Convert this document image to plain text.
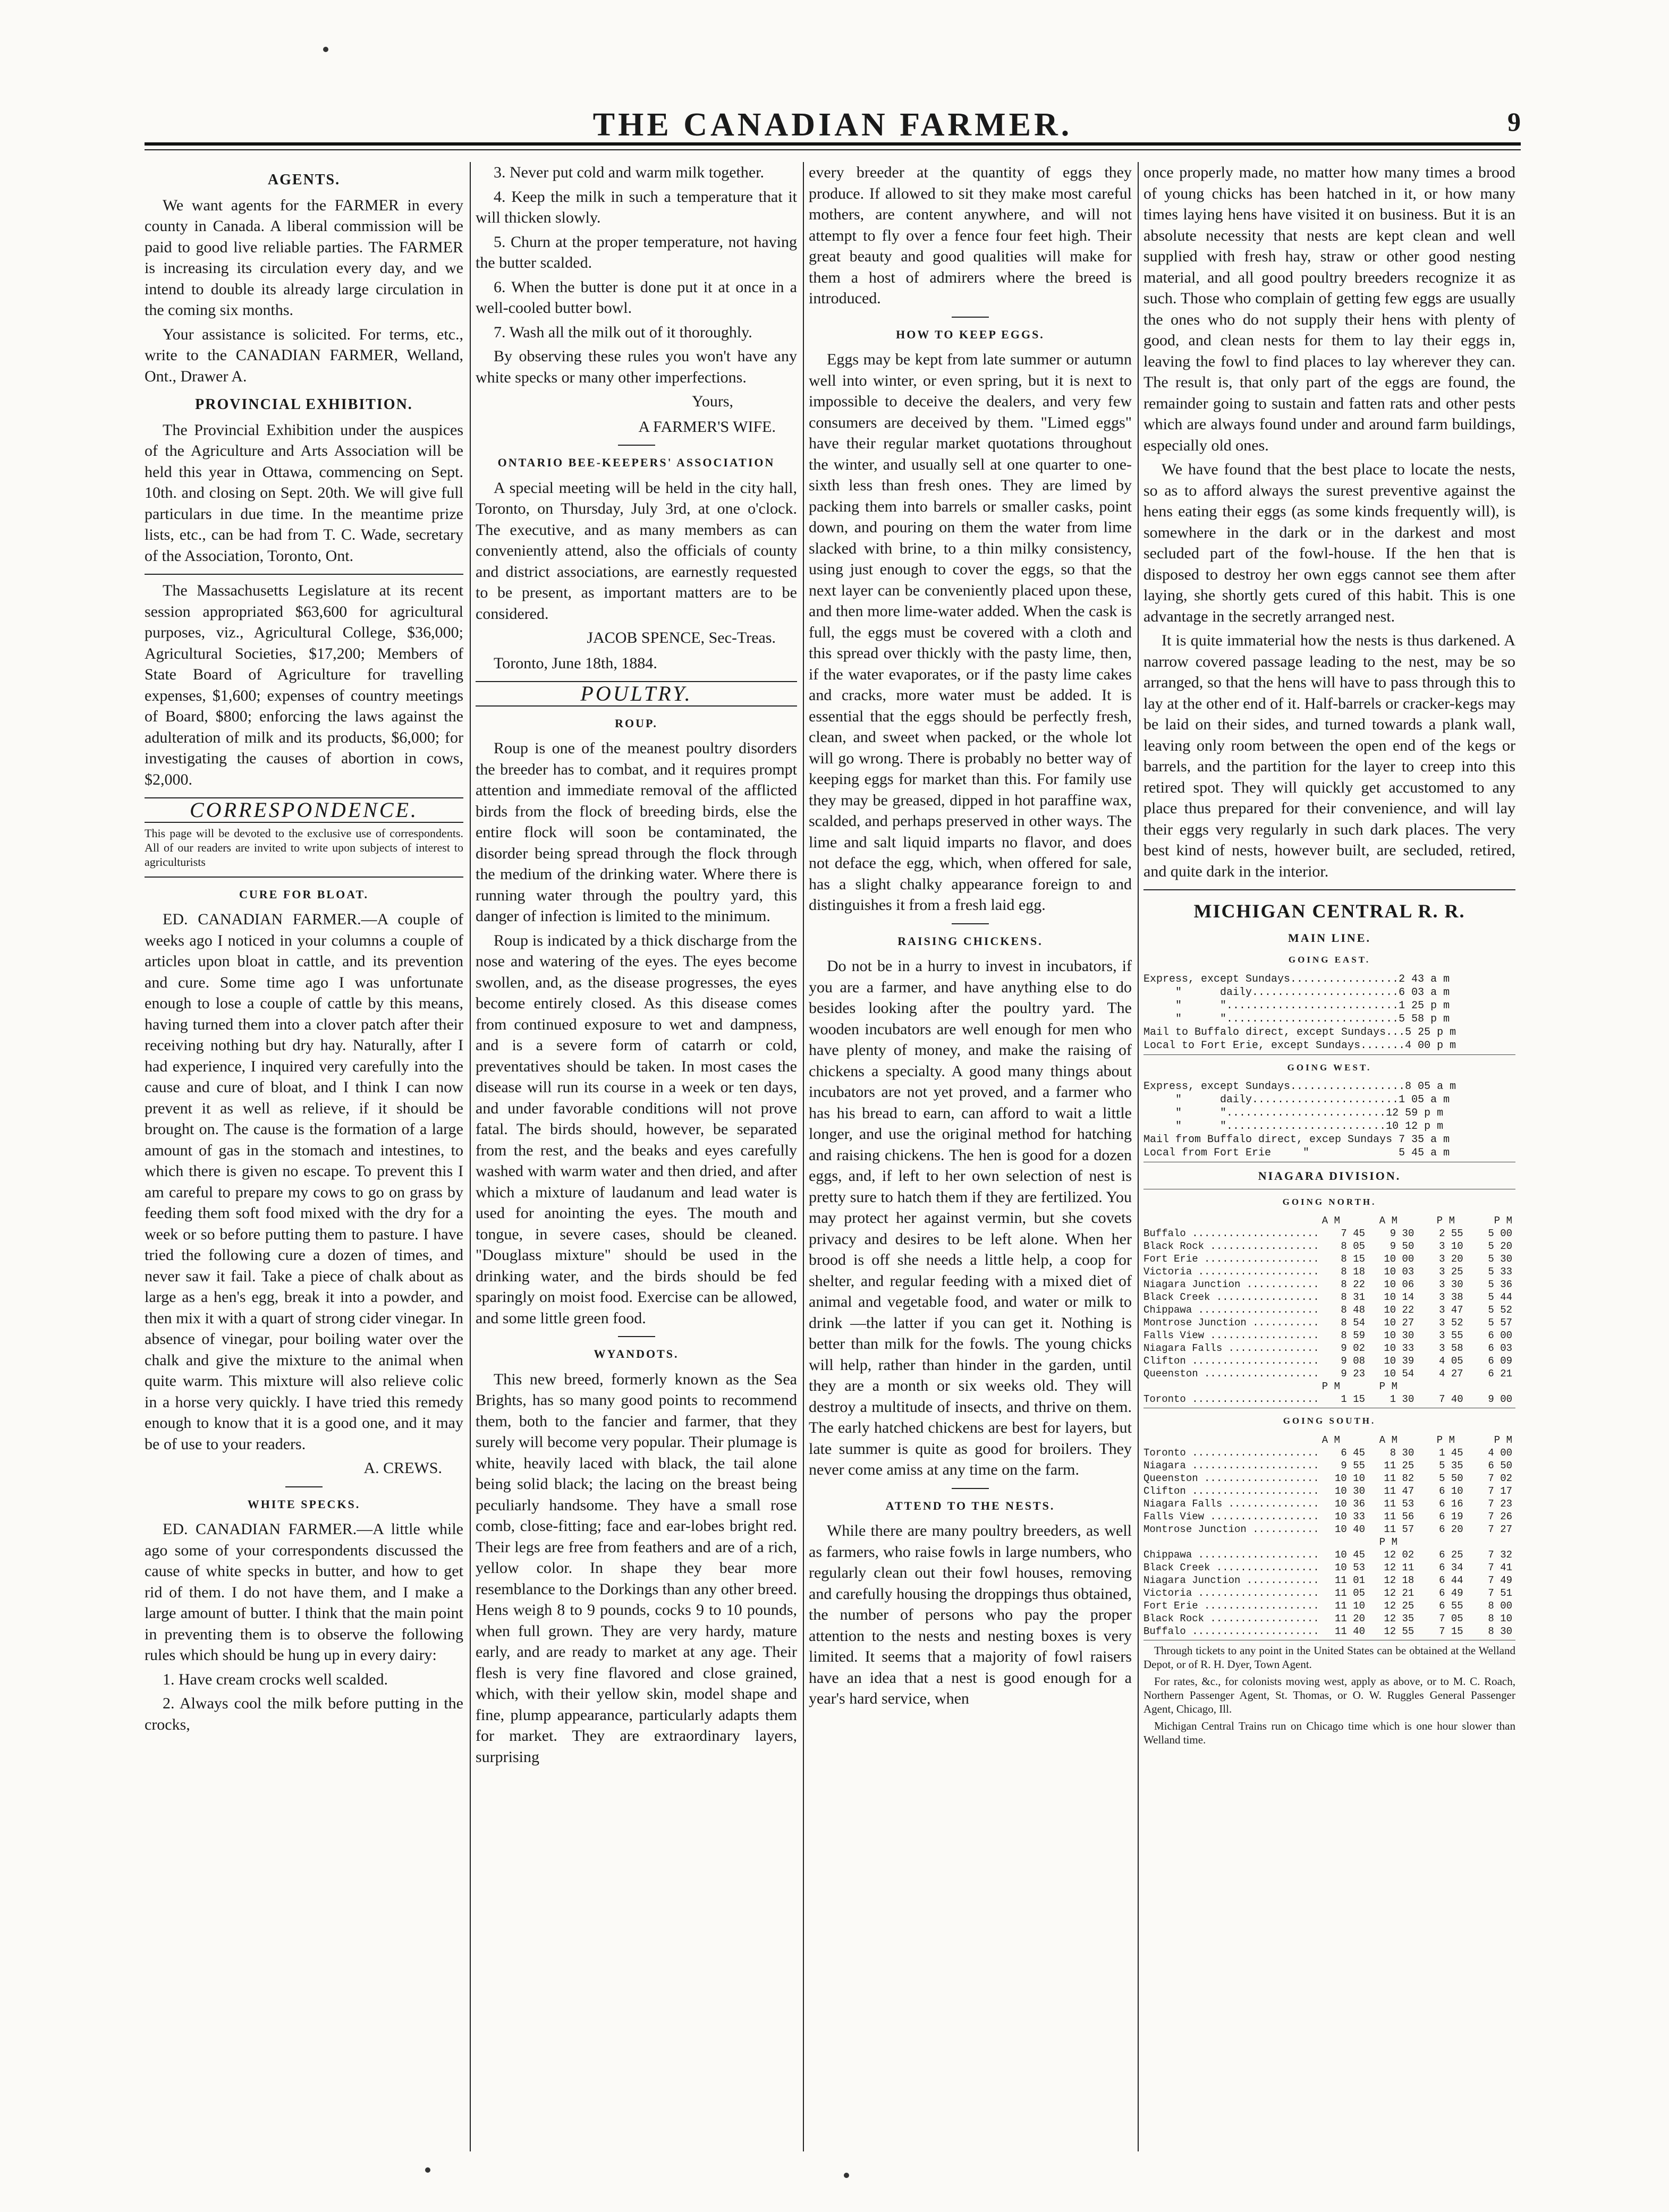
THE CANADIAN FARMER.	9
AGENTS.

We want agents for the FARMER in every county in Canada. A liberal commission will be paid to good live reliable parties. The FARMER is increasing its circulation every day, and we intend to double its already large circulation in the coming six months.

Your assistance is solicited. For terms, etc., write to the CANADIAN FARMER, Welland, Ont., Drawer A.

PROVINCIAL EXHIBITION.

The Provincial Exhibition under the auspices of the Agriculture and Arts Association will be held this year in Ottawa, commencing on Sept. 10th. and closing on Sept. 20th. We will give full particulars in due time. In the meantime prize lists, etc., can be had from T. C. Wade, secretary of the Association, Toronto, Ont.

The Massachusetts Legislature at its recent session appropriated $63,600 for agricultural purposes, viz., Agricultural College, $36,000; Agricultural Societies, $17,200; Members of State Board of Agriculture for travelling expenses, $1,600; expenses of country meetings of Board, $800; enforcing the laws against the adulteration of milk and its products, $6,000; for investigating the causes of abortion in cows, $2,000.

CORRESPONDENCE.

This page will be devoted to the exclusive use of correspondents. All of our readers are invited to write upon subjects of interest to agriculturists

CURE FOR BLOAT.

ED. CANADIAN FARMER.—A couple of weeks ago I noticed in your columns a couple of articles upon bloat in cattle, and its prevention and cure. Some time ago I was unfortunate enough to lose a couple of cattle by this means, having turned them into a clover patch after their receiving nothing but dry hay. Naturally, after I had experience, I inquired very carefully into the cause and cure of bloat, and I think I can now prevent it as well as relieve, if it should be brought on. The cause is the formation of a large amount of gas in the stomach and intestines, to which there is given no escape. To prevent this I am careful to prepare my cows to go on grass by feeding them soft food mixed with the dry for a week or so before putting them to pasture. I have tried the following cure a dozen of times, and never saw it fail. Take a piece of chalk about as large as a hen's egg, break it into a powder, and then mix it with a quart of strong cider vinegar. In absence of vinegar, pour boiling water over the chalk and give the mixture to the animal when quite warm. This mixture will also relieve colic in a horse very quickly. I have tried this remedy enough to know that it is a good one, and it may be of use to your readers.

A. CREWS.

WHITE SPECKS.

ED. CANADIAN FARMER.—A little while ago some of your correspondents discussed the cause of white specks in butter, and how to get rid of them. I do not have them, and I make a large amount of butter. I think that the main point in preventing them is to observe the following rules which should be hung up in every dairy:

1. Have cream crocks well scalded.

2. Always cool the milk before putting in the crocks,

3. Never put cold and warm milk together.

4. Keep the milk in such a temperature that it will thicken slowly.

5. Churn at the proper temperature, not having the butter scalded.

6. When the butter is done put it at once in a well-cooled butter bowl.

7. Wash all the milk out of it thoroughly.

By observing these rules you won't have any white specks or many other imperfections.

Yours,

A FARMER'S WIFE.

ONTARIO BEE-KEEPERS' ASSOCIATION

A special meeting will be held in the city hall, Toronto, on Thursday, July 3rd, at one o'clock. The executive, and as many members as can conveniently attend, also the officials of county and district associations, are earnestly requested to be present, as important matters are to be considered.

JACOB SPENCE, Sec-Treas.

Toronto, June 18th, 1884.

POULTRY.
ROUP.

Roup is one of the meanest poultry disorders the breeder has to combat, and it requires prompt attention and immediate removal of the afflicted birds from the flock of breeding birds, else the entire flock will soon be contaminated, the disorder being spread through the flock through the medium of the drinking water. Where there is running water through the poultry yard, this danger of infection is limited to the minimum.

Roup is indicated by a thick discharge from the nose and watering of the eyes. The eyes become swollen, and, as the disease progresses, the eyes become entirely closed. As this disease comes from continued exposure to wet and dampness, and is a severe form of catarrh or cold, preventatives should be taken. In most cases the disease will run its course in a week or ten days, and under favorable conditions will not prove fatal. The birds should, however, be separated from the rest, and the beaks and eyes carefully washed with warm water and then dried, and after which a mixture of laudanum and lead water is used for anointing the eyes. The mouth and tongue, in severe cases, should be cleaned. "Douglass mixture" should be used in the drinking water, and the birds should be fed sparingly on moist food. Exercise can be allowed, and some little green food.

WYANDOTS.

This new breed, formerly known as the Sea Brights, has so many good points to recommend them, both to the fancier and farmer, that they surely will become very popular. Their plumage is white, heavily laced with black, the tail alone being solid black; the lacing on the breast being peculiarly handsome. They have a small rose comb, close-fitting; face and ear-lobes bright red. Their legs are free from feathers and are of a rich, yellow color. In shape they bear more resemblance to the Dorkings than any other breed. Hens weigh 8 to 9 pounds, cocks 9 to 10 pounds, when full grown. They are very hardy, mature early, and are ready to market at any age. Their flesh is very fine flavored and close grained, which, with their yellow skin, model shape and fine, plump appearance, particularly adapts them for market. They are extraordinary layers, surprising

every breeder at the quantity of eggs they produce. If allowed to sit they make most careful mothers, are content anywhere, and will not attempt to fly over a fence four feet high. Their great beauty and good qualities will make for them a host of admirers where the breed is introduced.

HOW TO KEEP EGGS.

Eggs may be kept from late summer or autumn well into winter, or even spring, but it is next to impossible to deceive the dealers, and very few consumers are deceived by them. "Limed eggs" have their regular market quotations throughout the winter, and usually sell at one quarter to one-sixth less than fresh ones. They are limed by packing them into barrels or smaller casks, point down, and pouring on them the water from lime slacked with brine, to a thin milky consistency, using just enough to cover the eggs, so that the next layer can be conveniently placed upon these, and then more lime-water added. When the cask is full, the eggs must be covered with a cloth and this spread over thickly with the pasty lime, then, if the water evaporates, or if the pasty lime cakes and cracks, more water must be added. It is essential that the eggs should be perfectly fresh, clean, and sweet when packed, or the whole lot will go wrong. There is probably no better way of keeping eggs for market than this. For family use they may be greased, dipped in hot paraffine wax, scalded, and perhaps preserved in other ways. The lime and salt liquid imparts no flavor, and does not deface the egg, which, when offered for sale, has a slight chalky appearance foreign to and distinguishes it from a fresh laid egg.

RAISING CHICKENS.

Do not be in a hurry to invest in incubators, if you are a farmer, and have anything else to do besides looking after the poultry yard. The wooden incubators are well enough for men who have plenty of money, and make the raising of chickens a specialty. A good many things about incubators are not yet proved, and a farmer who has his bread to earn, can afford to wait a little longer, and use the original method for hatching and raising chickens. The hen is good for a dozen eggs, and, if left to her own selection of nest is pretty sure to hatch them if they are fertilized. You may protect her against vermin, but she covets privacy and desires to be left alone. When her brood is off she needs a little help, a coop for shelter, and regular feeding with a mixed diet of animal and vegetable food, and water or milk to drink —the latter if you can get it. Nothing is better than milk for the fowls. The young chicks will help, rather than hinder in the garden, until they are a month or six weeks old. They will destroy a multitude of insects, and thrive on them. The early hatched chickens are best for layers, but late summer is quite as good for broilers. They never come amiss at any time on the farm.

ATTEND TO THE NESTS.

While there are many poultry breeders, as well as farmers, who raise fowls in large numbers, who regularly clean out their fowl houses, removing and carefully housing the droppings thus obtained, the number of persons who pay the proper attention to the nests and nesting boxes is very limited. It seems that a majority of fowl raisers have an idea that a nest is good enough for a year's hard service, when

once properly made, no matter how many times a brood of young chicks has been hatched in it, or how many times laying hens have visited it on business. But it is an absolute necessity that nests are kept clean and well supplied with fresh hay, straw or other good nesting material, and all good poultry breeders recognize it as such. Those who complain of getting few eggs are usually the ones who do not supply their hens with plenty of good, and clean nests for them to lay their eggs in, leaving the fowl to find places to lay wherever they can. The result is, that only part of the eggs are found, the remainder going to sustain and fatten rats and other pests which are always found under and around farm buildings, especially old ones.

We have found that the best place to locate the nests, so as to afford always the surest preventive against the hens eating their eggs (as some kinds frequently will), is somewhere in the dark or in the darkest and most secluded part of the fowl-house. If the hen that is disposed to destroy her own eggs cannot see them after laying, she shortly gets cured of this habit. This is one advantage in the secretly arranged nest.

It is quite immaterial how the nests is thus darkened. A narrow covered passage leading to the nest, may be so arranged, so that the hens will have to pass through this to lay at the other end of it. Half-barrels or cracker-kegs may be laid on their sides, and turned towards a plank wall, leaving only room between the open end of the kegs or barrels, and the partition for the layer to creep into this retired spot. They will quickly get accustomed to any place thus prepared for their convenience, and will lay their eggs very regularly in such dark places. The very best kind of nests, however built, are secluded, retired, and quite dark in the interior.

MICHIGAN CENTRAL R. R.
MAIN LINE.
GOING EAST.

Express, except Sundays.................2 43 a m

"      daily.......................6 03 a m

"      "...........................1 25 p m

"      "...........................5 58 p m

Mail to Buffalo direct, except Sundays...5 25 p m

Local to Fort Erie, except Sundays.......4 00 p m

GOING WEST.

Express, except Sundays..................8 05 a m

"      daily.......................1 05 a m

"      ".........................12 59 p m

"      ".........................10 12 p m

Mail from Buffalo direct, excep Sundays 7 35 a m

Local from Fort Erie     "              5 45 a m

NIAGARA DIVISION.
GOING NORTH.
A M	A M	P M	P M
Buffalo .....................	7 45	9 30	2 55	5 00
Black Rock ..................	8 05	9 50	3 10	5 20
Fort Erie ...................	8 15	10 00	3 20	5 30
Victoria ....................	8 18	10 03	3 25	5 33
Niagara Junction ............	8 22	10 06	3 30	5 36
Black Creek .................	8 31	10 14	3 38	5 44
Chippawa ....................	8 48	10 22	3 47	5 52
Montrose Junction ...........	8 54	10 27	3 52	5 57
Falls View ..................	8 59	10 30	3 55	6 00
Niagara Falls ...............	9 02	10 33	3 58	6 03
Clifton .....................	9 08	10 39	4 05	6 09
Queenston ...................	9 23	10 54	4 27	6 21
P M	P M
Toronto .....................	1 15	1 30	7 40	9 00
GOING SOUTH.
A M	A M	P M	P M
Toronto .....................	6 45	8 30	1 45	4 00
Niagara .....................	9 55	11 25	5 35	6 50
Queenston ...................	10 10	11 82	5 50	7 02
Clifton .....................	10 30	11 47	6 10	7 17
Niagara Falls ...............	10 36	11 53	6 16	7 23
Falls View ..................	10 33	11 56	6 19	7 26
Montrose Junction ...........	10 40	11 57	6 20	7 27
P M
Chippawa ....................	10 45	12 02	6 25	7 32
Black Creek .................	10 53	12 11	6 34	7 41
Niagara Junction ............	11 01	12 18	6 44	7 49
Victoria ....................	11 05	12 21	6 49	7 51
Fort Erie ...................	11 10	12 25	6 55	8 00
Black Rock ..................	11 20	12 35	7 05	8 10
Buffalo .....................	11 40	12 55	7 15	8 30

Through tickets to any point in the United States can be obtained at the Welland Depot, or of R. H. Dyer, Town Agent.

For rates, &c., for colonists moving west, apply as above, or to M. C. Roach, Northern Passenger Agent, St. Thomas, or O. W. Ruggles General Passenger Agent, Chicago, Ill.

Michigan Central Trains run on Chicago time which is one hour slower than Welland time.
